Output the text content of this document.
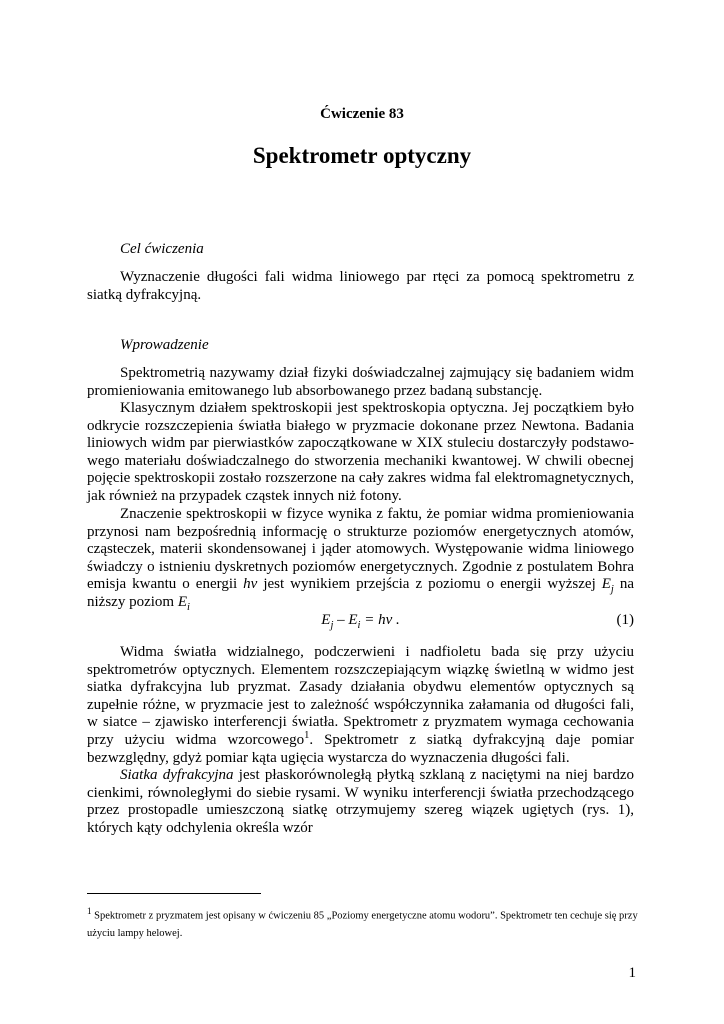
Ćwiczenie 83
Spektrometr optyczny
Cel ćwiczenia

Wyznaczenie długości fali widma liniowego par rtęci za pomocą spektrometru z siatką dyfrakcyjną.

Wprowadzenie

Spektrometrią nazywamy dział fizyki doświadczalnej zajmujący się badaniem widm promieniowania emitowanego lub absorbowanego przez badaną substancję.

Klasycznym działem spektroskopii jest spektroskopia optyczna. Jej początkiem było odkrycie rozszczepienia światła białego w pryzmacie dokonane przez Newtona. Badania liniowych widm par pierwiastków zapoczątkowane w XIX stuleciu dostarczyły podstawo-wego materiału doświadczalnego do stworzenia mechaniki kwantowej. W chwili obecnej pojęcie spektroskopii zostało rozszerzone na cały zakres widma fal elektromagnetycznych, jak również na przypadek cząstek innych niż fotony.

Znaczenie spektroskopii w fizyce wynika z faktu, że pomiar widma promieniowania przynosi nam bezpośrednią informację o strukturze poziomów energetycznych atomów, cząsteczek, materii skondensowanej i jąder atomowych. Występowanie widma liniowego świadczy o istnieniu dyskretnych poziomów energetycznych. Zgodnie z postulatem Bohra emisja kwantu o energii hν jest wynikiem przejścia z poziomu o energii wyższej $E_j$ na niższy poziom $E_i$

$E_j - E_i = h\nu$ .	(1)

Widma światła widzialnego, podczerwieni i nadfioletu bada się przy użyciu spektrometrów optycznych. Elementem rozszczepiającym wiązkę świetlną w widmo jest siatka dyfrakcyjna lub pryzmat. Zasady działania obydwu elementów optycznych są zupełnie różne, w pryzmacie jest to zależność współczynnika załamania od długości fali, w siatce – zjawisko interferencji światła. Spektrometr z pryzmatem wymaga cechowania przy użyciu widma wzorcowego$^1$. Spektrometr z siatką dyfrakcyjną daje pomiar bezwzględny, gdyż pomiar kąta ugięcia wystarcza do wyznaczenia długości fali.

Siatka dyfrakcyjna jest płaskorównoległą płytką szklaną z naciętymi na niej bardzo cienkimi, równoległymi do siebie rysami. W wyniku interferencji światła przechodzącego przez prostopadle umieszczoną siatkę otrzymujemy szereg wiązek ugiętych (rys. 1), których kąty odchylenia określa wzór

1 Spektrometr z pryzmatem jest opisany w ćwiczeniu 85 „Poziomy energetyczne atomu wodoru”. Spektrometr ten cechuje się przy użyciu lampy helowej.
1
